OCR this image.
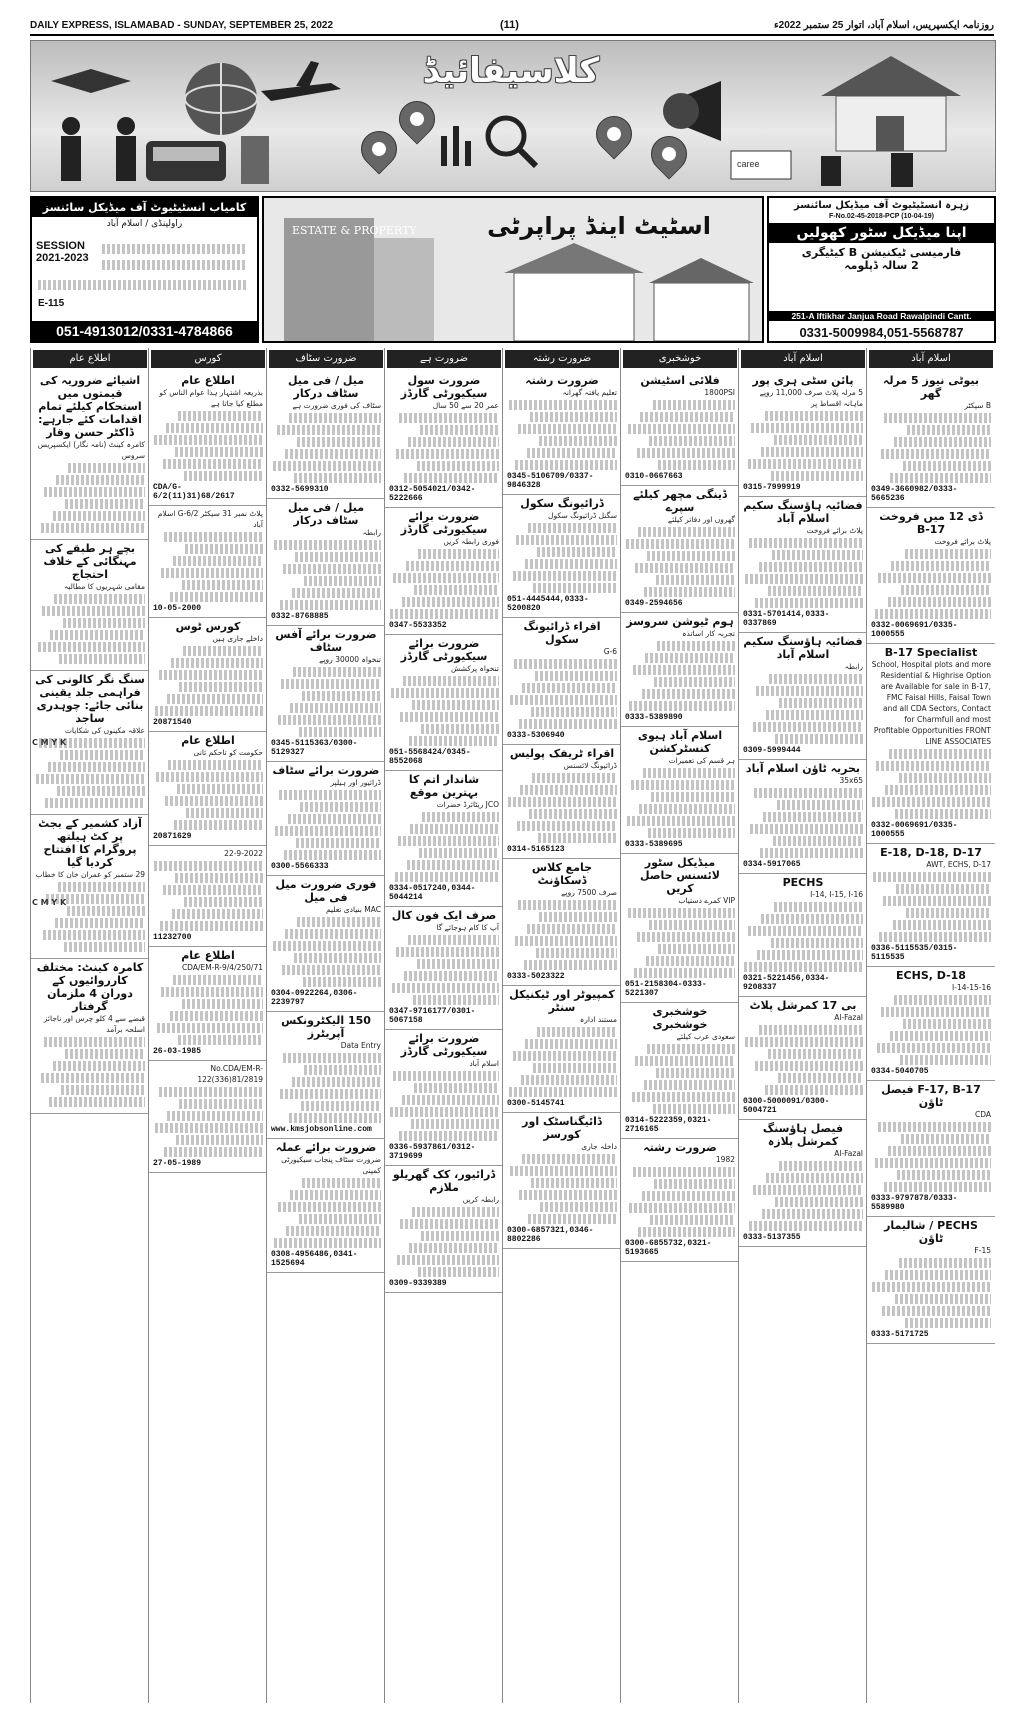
DAILY EXPRESS, ISLAMABAD - SUNDAY, SEPTEMBER 25, 2022	(11)	روزنامہ ایکسپریس، اسلام آباد، اتوار 25 ستمبر 2022ء
caree
کلاسیفائیڈ
کامیاب انسٹیٹیوٹ آف میڈیکل سائنسز
راولپنڈی / اسلام آباد
SESSION 2021-2023
E-115
051-4913012/0331-4784866
ESTATE & PROPERTY	اسٹیٹ اینڈ پراپرٹی
زہرہ انسٹیٹیوٹ آف میڈیکل سائنسز
F-No.02-45-2018-PCP (10-04-19)
اپنا میڈیکل سٹور کھولیں
فارمیسی ٹیکنیشن B کیٹیگری
2 سالہ ڈپلومہ
251-A Iftikhar Janjua Road Rawalpindi Cantt.
0331-5009984,051-5568787
اطلاع عام
اشیائے ضروریہ کی قیمتوں میں استحکام کیلئے تمام اقدامات کئے جارہے: ڈاکٹر حسن وقار
کامرہ کینٹ (نامہ نگار) ایکسپریس سروس
بچے ہر طبقے کی مہنگائی کے خلاف احتجاج
مقامی شہریوں کا مطالبہ
سنگ نگر کالونی کی فراہمی جلد یقینی بنائی جائے: چوہدری ساجد
علاقہ مکینوں کی شکایات
آزاد کشمیر کے بجٹ پر کٹ ہیلتھ پروگرام کا افتتاح کردیا گیا
29 ستمبر کو عمران خان کا خطاب
کامرہ کینٹ: مختلف کارروائیوں کے دوران 4 ملزمان گرفتار
قبضے سے 4 کلو چرس اور ناجائز اسلحہ برآمد
کورس
اطلاع عام
بذریعہ اشتہار ہذا عوام الناس کو مطلع کیا جاتا ہے
CDA/G-6/2(11)31)68/2617
پلاٹ نمبر 31 سیکٹر G-6/2 اسلام آباد
10-05-2000
کورس ٹوس
داخلے جاری ہیں
20871540
اطلاع عام
حکومت کو تاحکم ثانی
20871629
22-9-2022
11232700
اطلاع عام
CDA/EM-R-9/4/250/71
26-03-1985
No.CDA/EM-R-122(336)81/2819
27-05-1989
ضرورت سٹاف
میل / فی میل سٹاف درکار
سٹاف کی فوری ضرورت ہے
0332-5699310
میل / فی میل سٹاف درکار
رابطہ
0332-8768885
ضرورت برائے آفس سٹاف
تنخواہ 30000 روپے
0345-5115363/0300-5129327
ضرورت برائے سٹاف
ڈرائیور اور ہیلپر
0300-5566333
فوری ضرورت میل فی میل
MAC بنیادی تعلیم
0304-0922264,0306-2239797
150 الیکٹرونکس آپریٹرز
Data Entry
www.kmsjobsonline.com
ضرورت برائے عملہ
ضرورت سٹاف پنجاب سیکیورٹی کمپنی
0308-4956486,0341-1525694
ضرورت ہے
ضرورت سول سیکیورٹی گارڈز
عمر 20 سے 50 سال
0312-5054021/0342-5222666
ضرورت برائے سیکیورٹی گارڈز
فوری رابطہ کریں
0347-5533352
ضرورت برائے سیکیورٹی گارڈز
تنخواہ پرکشش
051-5568424/0345-8552068
شاندار اتم کا بہترین موقع
JCO ریٹائرڈ حضرات
0334-0517240,0344-5044214
صرف ایک فون کال
آپ کا کام ہوجائے گا
0347-9716177/0301-5067158
ضرورت برائے سیکیورٹی گارڈز
اسلام آباد
0336-5937861/0312-3719699
ڈرائیور، کک گھریلو ملازم
رابطہ کریں
0309-9339389
ضرورت رشتہ
ضرورت رشتہ
تعلیم یافتہ گھرانہ
0345-5106709/0337-9846328
ڈرائیونگ سکول
سگنل ڈرائیونگ سکول
051-4445444,0333-5200820
اقراء ڈرائیونگ سکول
G-6
0333-5306940
اقراء ٹریفک پولیس
ڈرائیونگ لائسنس
0314-5165123
جامع کلاس ڈسکاؤنٹ
صرف 7500 روپے
0333-5023322
کمپیوٹر اور ٹیکنیکل سنٹر
مستند ادارہ
0300-5145741
ڈائیگناسٹک اور کورسز
داخلہ جاری
0300-6857321,0346-8802286
خوشخبری
فلائی اسٹیشن
1800PSI
0310-0667663
ڈینگی مچھر کیلئے سپرے
گھروں اور دفاتر کیلئے
0349-2594656
ہوم ٹیوشن سروسز
تجربہ کار اساتذہ
0333-5389890
اسلام آباد ہیوی کنسٹرکشن
ہر قسم کی تعمیرات
0333-5389695
میڈیکل سٹور لائسنس حاصل کریں
VIP کمرے دستیاب
051-2158304-0333-5221307
خوشخبری خوشخبری
سعودی عرب کیلئے
0314-5222359,0321-2716165
ضرورت رشتہ
1982
0300-6855732,0321-5193665
اسلام آباد
پائن سٹی ہری پور
5 مرلہ پلاٹ صرف 11,000 روپے ماہانہ اقساط پر
0315-7999919
فضائیہ ہاؤسنگ سکیم اسلام آباد
پلاٹ برائے فروخت
0331-5701414,0333-0337869
فضائیہ ہاؤسنگ سکیم اسلام آباد
رابطہ
0309-5999444
بحریہ ٹاؤن اسلام آباد
35x65
0334-5917065
PECHS
I-14, I-15, I-16
0321-5221456,0334-9208337
بی 17 کمرشل پلاٹ
Al-Fazal
0300-5000091/0300-5004721
فیصل ہاؤسنگ کمرشل پلازہ
Al-Fazal
0333-5137355
اسلام آباد
بیوٹی نیوز 5 مرلہ گھر
B سیکٹر
0349-3660982/0333-5665236
ڈی 12 میں فروخت B-17
پلاٹ برائے فروخت
0332-0069691/0335-1000555
B-17 Specialist
School, Hospital plots and more Residential & Highrise Option are Available for sale in B-17, FMC Faisal Hills, Faisal Town and all CDA Sectors, Contact for Charmfull and most Profitable Opportunities FRONT LINE ASSOCIATES
0332-0069691/0335-1000555
E-18, D-18, D-17
AWT, ECHS, D-17
0336-5115535/0315-5115535
ECHS, D-18
I-14-15-16
0334-5040705
F-17, B-17 فیصل ٹاؤن
CDA
0333-9797878/0333-5589980
PECHS / شالیمار ٹاؤن
F-15
0333-5171725
C M Y K
C M Y K
